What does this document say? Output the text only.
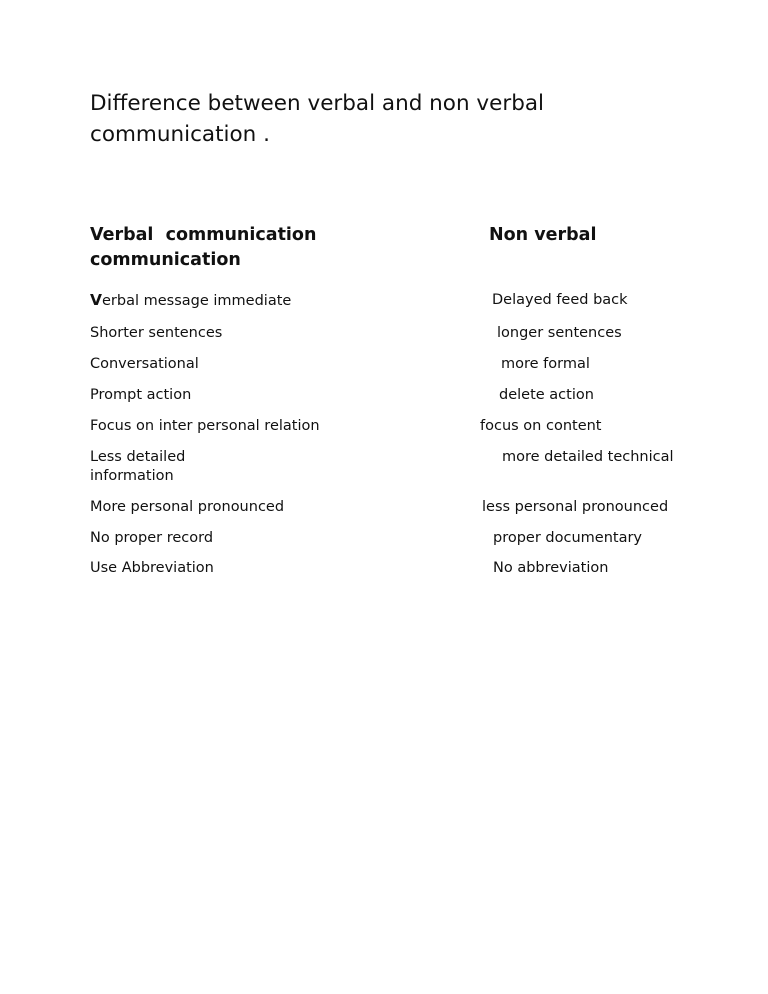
Difference between verbal and non verbal communication .
Verbal  communication	Non verbal
communication
Verbal message immediate	Delayed feed back
Shorter sentences	longer sentences
Conversational	more formal
Prompt action	delete action
Focus on inter personal relation	focus on content
Less detailed	more detailed technical
information
More personal pronounced	less personal pronounced
No proper record	proper documentary
Use Abbreviation	No abbreviation
